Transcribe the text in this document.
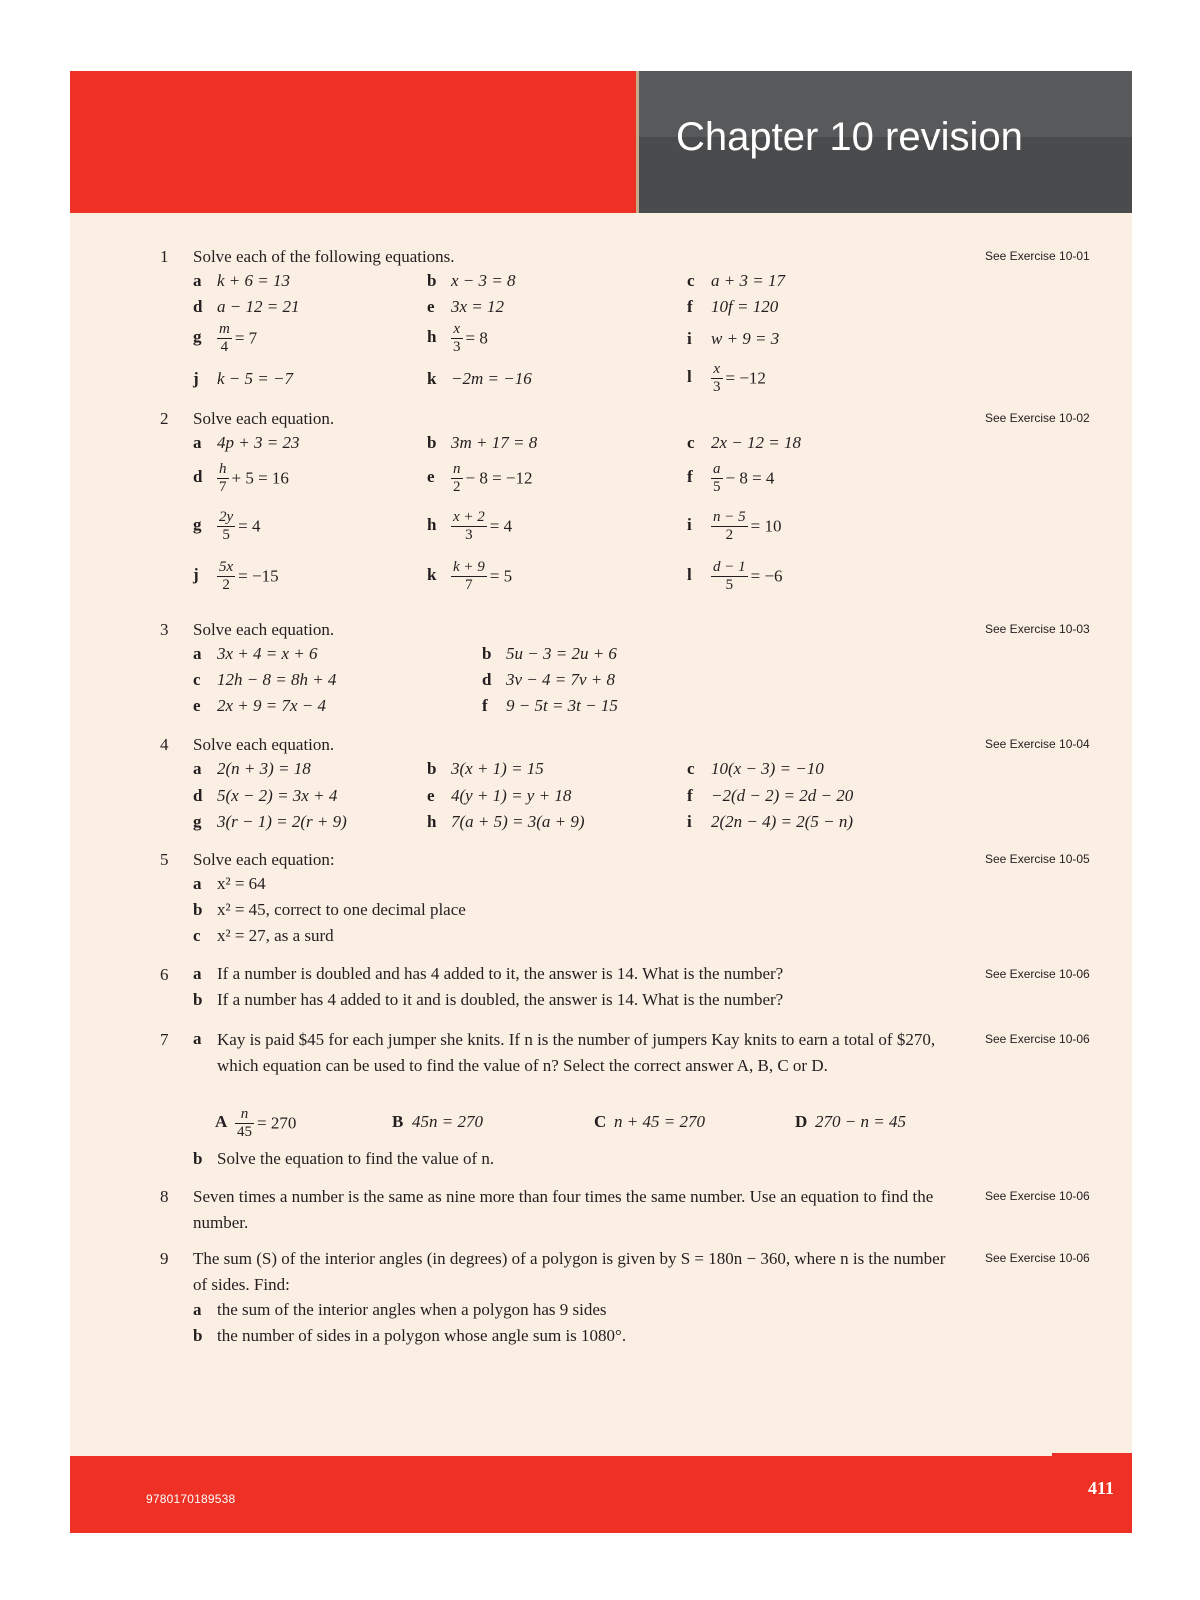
Chapter 10 revision
1 Solve each of the following equations.	See Exercise 10-01
a k + 6 = 13	b x − 3 = 8	c a + 3 = 17
d a − 12 = 21	e 3x = 12	f 10f = 120
g $\frac{m}{4} = 7$	h $\frac{x}{3} = 8$	i w + 9 = 3
j k − 5 = −7	k −2m = −16	l $\frac{x}{3} = -12$
2 Solve each equation.	See Exercise 10-02
a 4p + 3 = 23	b 3m + 17 = 8	c 2x − 12 = 18
d $\frac{h}{7} + 5 = 16$	e $\frac{n}{2} - 8 = -12$	f $\frac{a}{5} - 8 = 4$
g $\frac{2y}{5} = 4$	h $\frac{x + 2}{3} = 4$	i $\frac{n - 5}{2} = 10$
j $\frac{5x}{2} = -15$	k $\frac{k + 9}{7} = 5$	l $\frac{d - 1}{5} = -6$
3 Solve each equation.	See Exercise 10-03
a 3x + 4 = x + 6	b 5u − 3 = 2u + 6
c 12h − 8 = 8h + 4	d 3v − 4 = 7v + 8
e 2x + 9 = 7x − 4	f 9 − 5t = 3t − 15
4 Solve each equation.	See Exercise 10-04
a 2(n + 3) = 18	b 3(x + 1) = 15	c 10(x − 3) = −10
d 5(x − 2) = 3x + 4	e 4(y + 1) = y + 18	f −2(d − 2) = 2d − 20
g 3(r − 1) = 2(r + 9)	h 7(a + 5) = 3(a + 9)	i 2(2n − 4) = 2(5 − n)
5 Solve each equation:	See Exercise 10-05
a x² = 64
b x² = 45, correct to one decimal place
c x² = 27, as a surd
6	See Exercise 10-06
a If a number is doubled and has 4 added to it, the answer is 14. What is the number?
b If a number has 4 added to it and is doubled, the answer is 14. What is the number?
7	See Exercise 10-06
a Kay is paid $45 for each jumper she knits. If n is the number of jumpers Kay knits to earn a total of $270, which equation can be used to find the value of n? Select the correct answer A, B, C or D.
A $\frac{n}{45} = 270$	B 45n = 270	C n + 45 = 270	D 270 − n = 45
b Solve the equation to find the value of n.
8	See Exercise 10-06
Seven times a number is the same as nine more than four times the same number. Use an equation to find the number.
9	See Exercise 10-06
The sum (S) of the interior angles (in degrees) of a polygon is given by S = 180n − 360, where n is the number of sides. Find:
a the sum of the interior angles when a polygon has 9 sides
b the number of sides in a polygon whose angle sum is 1080°.
9780170189538
411
